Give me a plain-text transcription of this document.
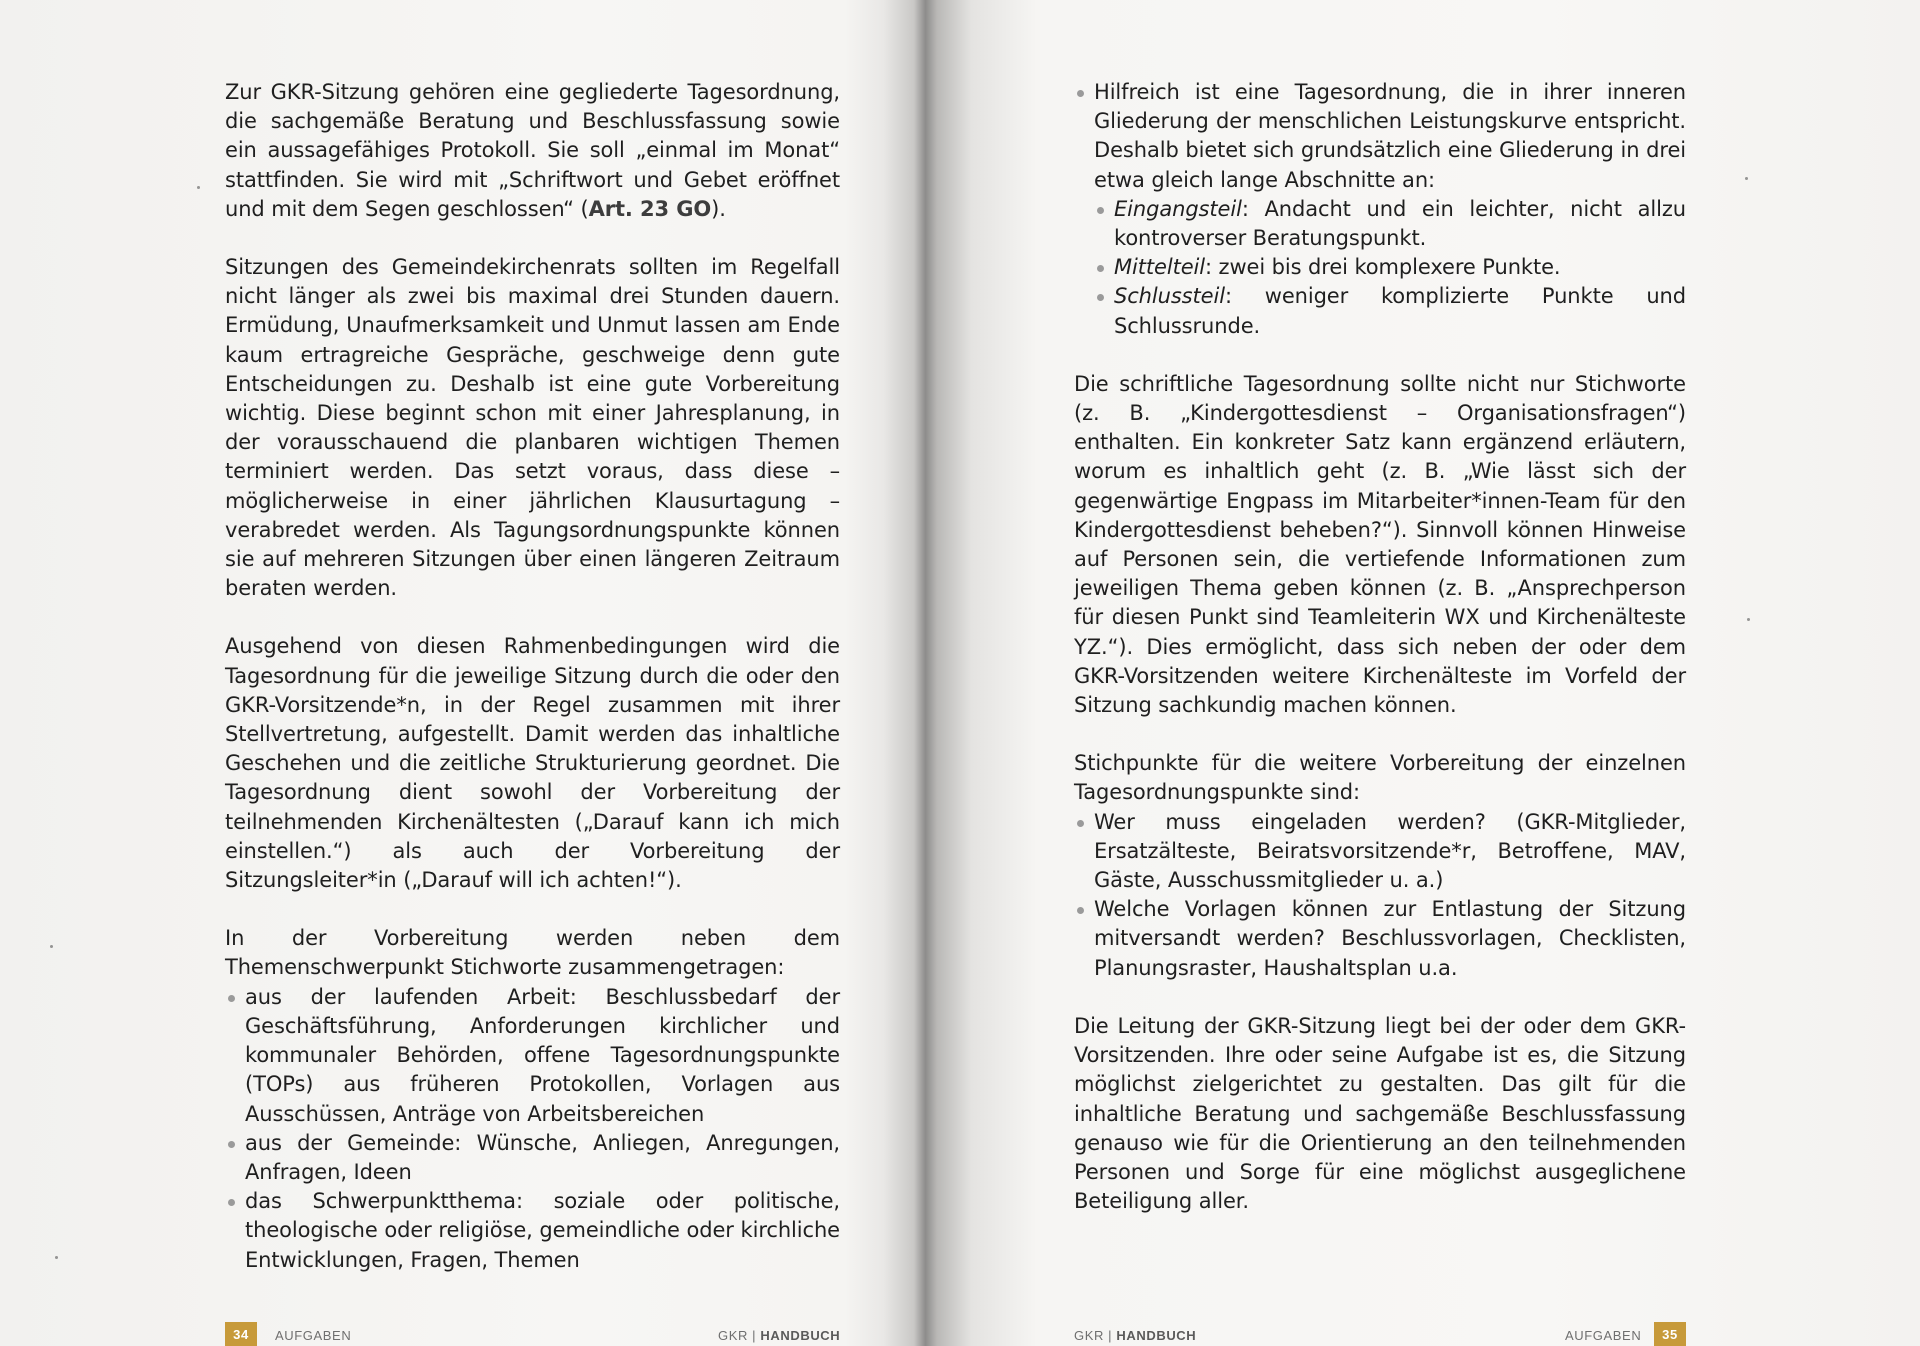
Zur GKR-Sitzung gehören eine gegliederte Tagesordnung, die sachgemäße Beratung und Beschlussfassung sowie ein aussagefähiges Protokoll. Sie soll „einmal im Monat“ stattfinden. Sie wird mit „Schriftwort und Gebet eröffnet und mit dem Segen geschlossen“ (Art. 23 GO).

Sitzungen des Gemeindekirchenrats sollten im Regelfall nicht länger als zwei bis maximal drei Stunden dauern. Ermüdung, Unaufmerksamkeit und Unmut lassen am Ende kaum ertragreiche Gespräche, geschweige denn gute Entscheidungen zu. Deshalb ist eine gute Vorbereitung wichtig. Diese beginnt schon mit einer Jahresplanung, in der vorausschauend die planbaren wichtigen Themen terminiert werden. Das setzt voraus, dass diese – möglicherweise in einer jährlichen Klausurtagung – verabredet werden. Als Tagungsordnungspunkte können sie auf mehreren Sitzungen über einen längeren Zeitraum beraten werden.

Ausgehend von diesen Rahmenbedingungen wird die Tagesordnung für die jeweilige Sitzung durch die oder den GKR-Vorsitzende*n, in der Regel zusammen mit ihrer Stellvertretung, aufgestellt. Damit werden das inhaltliche Geschehen und die zeitliche Strukturierung geordnet. Die Tagesordnung dient sowohl der Vorbereitung der teilnehmenden Kirchenältesten („Darauf kann ich mich einstellen.“) als auch der Vorbereitung der Sitzungsleiter*in („Darauf will ich achten!“).

In der Vorbereitung werden neben dem Themenschwerpunkt Stichworte zusammengetragen:
aus der laufenden Arbeit: Beschlussbedarf der Geschäftsführung, Anforderungen kirchlicher und kommunaler Behörden, offene Tagesordnungspunkte (TOPs) aus früheren Protokollen, Vorlagen aus Ausschüssen, Anträge von Arbeitsbereichen
aus der Gemeinde: Wünsche, Anliegen, Anregungen, Anfragen, Ideen
das Schwerpunktthema: soziale oder politische, theologische oder religiöse, gemeindliche oder kirchliche Entwicklungen, Fragen, Themen
34	AUFGABEN	GKR | HANDBUCH
Hilfreich ist eine Tagesordnung, die in ihrer inneren Gliederung der menschlichen Leistungskurve entspricht. Deshalb bietet sich grundsätzlich eine Gliederung in drei etwa gleich lange Abschnitte an:
Eingangsteil: Andacht und ein leichter, nicht allzu kontroverser Beratungspunkt.
Mittelteil: zwei bis drei komplexere Punkte.
Schlussteil: weniger komplizierte Punkte und Schlussrunde.

Die schriftliche Tagesordnung sollte nicht nur Stichworte (z. B. „Kindergottesdienst – Organisationsfragen“) enthalten. Ein konkreter Satz kann ergänzend erläutern, worum es inhaltlich geht (z. B. „Wie lässt sich der gegenwärtige Engpass im Mitarbeiter*innen-Team für den Kindergottesdienst beheben?“). Sinnvoll können Hinweise auf Personen sein, die vertiefende Informationen zum jeweiligen Thema geben können (z. B. „Ansprechperson für diesen Punkt sind Teamleiterin WX und Kirchenälteste YZ.“). Dies ermöglicht, dass sich neben der oder dem GKR-Vorsitzenden weitere Kirchenälteste im Vorfeld der Sitzung sachkundig machen können.

Stichpunkte für die weitere Vorbereitung der einzelnen Tagesordnungspunkte sind:
Wer muss eingeladen werden? (GKR-Mitglieder, Ersatzälteste, Beiratsvorsitzende*r, Betroffene, MAV, Gäste, Ausschussmitglieder u. a.)
Welche Vorlagen können zur Entlastung der Sitzung mitversandt werden? Beschlussvorlagen, Checklisten, Planungsraster, Haushaltsplan u.a.

Die Leitung der GKR-Sitzung liegt bei der oder dem GKR-Vorsitzenden. Ihre oder seine Aufgabe ist es, die Sitzung möglichst zielgerichtet zu gestalten. Das gilt für die inhaltliche Beratung und sachgemäße Beschlussfassung genauso wie für die Orientierung an den teilnehmenden Personen und Sorge für eine möglichst ausgeglichene Beteiligung aller.

GKR | HANDBUCH	AUFGABEN	35
